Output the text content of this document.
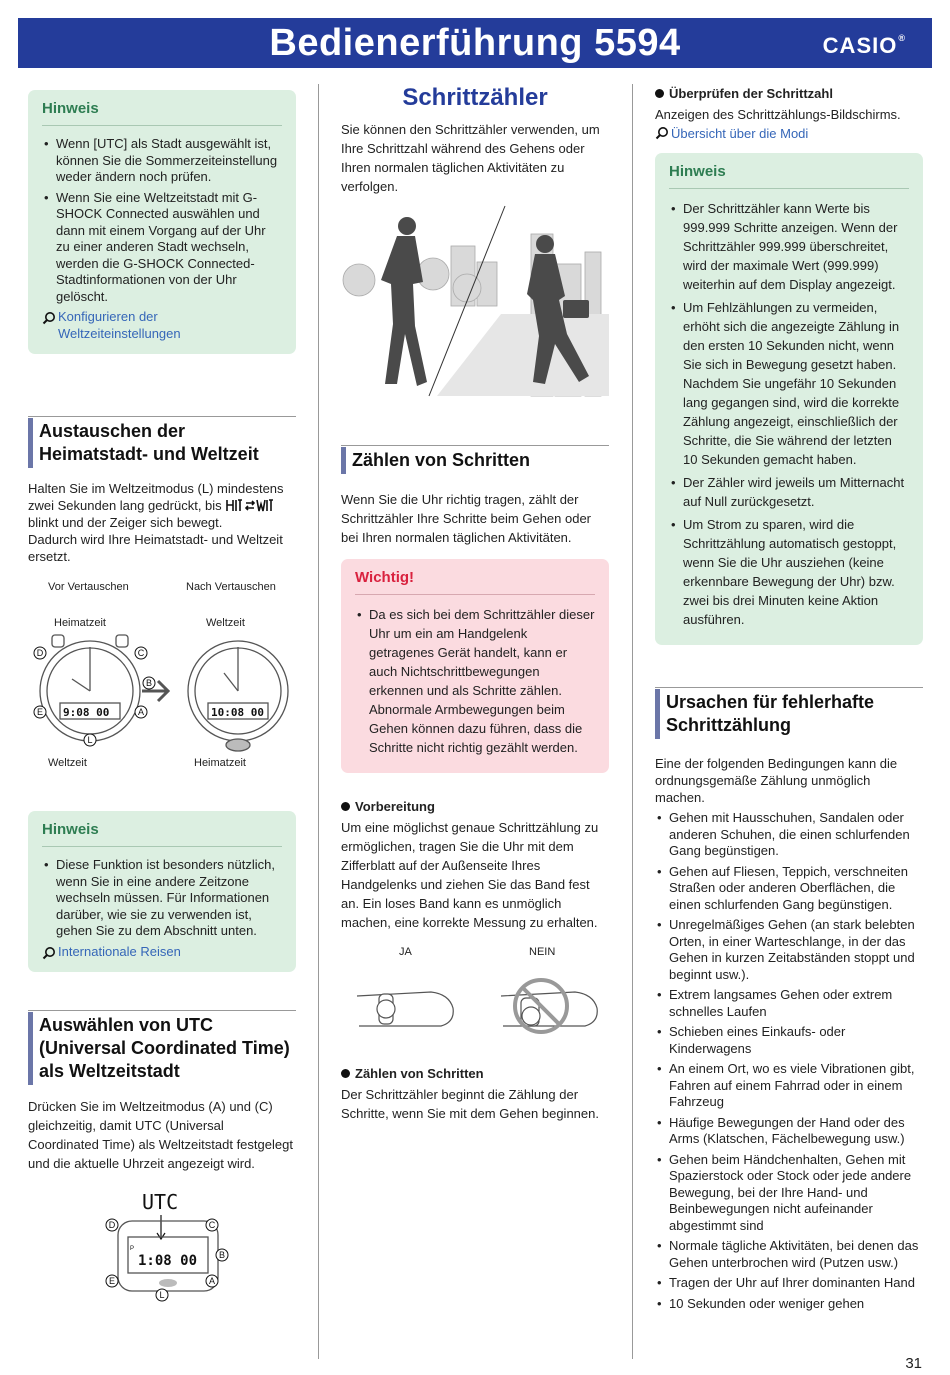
Bedienerführung 5594	CASIO®
Hinweis
• Wenn [UTC] als Stadt ausgewählt ist, können Sie die Sommerzeiteinstellung weder ändern noch prüfen.
• Wenn Sie eine Weltzeitstadt mit G-SHOCK Connected auswählen und dann mit einem Vorgang auf der Uhr zu einer anderen Stadt wechseln, werden die G-SHOCK Connected-Stadtinformationen von der Uhr gelöscht.
Konfigurieren der Weltzeiteinstellungen
Austauschen der Heimatstadt- und Weltzeit

Halten Sie im Weltzeitmodus (L) mindestens zwei Sekunden lang gedrückt, bis  blinkt und der Zeiger sich bewegt.
Dadurch wird Ihre Heimatstadt- und Weltzeit ersetzt.

Vor Vertauschen	Nach Vertauschen
Heimatzeit	Weltzeit
Weltzeit	Heimatzeit
9:08 00	10:08 00
D	C
B
E	A
L
Hinweis
• Diese Funktion ist besonders nützlich, wenn Sie in eine andere Zeitzone wechseln müssen. Für Informationen darüber, wie sie zu verwenden ist, gehen Sie zu dem Abschnitt unten.
Internationale Reisen
Auswählen von UTC (Universal Coordinated Time) als Weltzeitstadt

Drücken Sie im Weltzeitmodus (A) und (C) gleichzeitig, damit UTC (Universal Coordinated Time) als Weltzeitstadt festgelegt und die aktuelle Uhrzeit angezeigt wird.

UTC
P
1:08 00
D	C
B
E	A
L
Schrittzähler

Sie können den Schrittzähler verwenden, um Ihre Schrittzahl während des Gehens oder Ihren normalen täglichen Aktivitäten zu verfolgen.

Zählen von Schritten

Wenn Sie die Uhr richtig tragen, zählt der Schrittzähler Ihre Schritte beim Gehen oder bei Ihren normalen täglichen Aktivitäten.

Wichtig!
• Da es sich bei dem Schrittzähler dieser Uhr um ein am Handgelenk getragenes Gerät handelt, kann er auch Nichtschrittbewegungen erkennen und als Schritte zählen. Abnormale Armbewegungen beim Gehen können dazu führen, dass die Schritte nicht richtig gezählt werden.
Vorbereitung

Um eine möglichst genaue Schrittzählung zu ermöglichen, tragen Sie die Uhr mit dem Zifferblatt auf der Außenseite Ihres Handgelenks und ziehen Sie das Band fest an. Ein loses Band kann es unmöglich machen, eine korrekte Messung zu erhalten.

JA	NEIN
Zählen von Schritten

Der Schrittzähler beginnt die Zählung der Schritte, wenn Sie mit dem Gehen beginnen.

Überprüfen der Schrittzahl

Anzeigen des Schrittzählungs-Bildschirms.

Übersicht über die Modi
Hinweis
• Der Schrittzähler kann Werte bis 999.999 Schritte anzeigen. Wenn der Schrittzähler 999.999 überschreitet, wird der maximale Wert (999.999) weiterhin auf dem Display angezeigt.
• Um Fehlzählungen zu vermeiden, erhöht sich die angezeigte Zählung in den ersten 10 Sekunden nicht, wenn Sie sich in Bewegung gesetzt haben. Nachdem Sie ungefähr 10 Sekunden lang gegangen sind, wird die korrekte Zählung angezeigt, einschließlich der Schritte, die Sie während der letzten 10 Sekunden gemacht haben.
• Der Zähler wird jeweils um Mitternacht auf Null zurückgesetzt.
• Um Strom zu sparen, wird die Schrittzählung automatisch gestoppt, wenn Sie die Uhr ausziehen (keine erkennbare Bewegung der Uhr) bzw. zwei bis drei Minuten keine Aktion ausführen.
Ursachen für fehlerhafte Schrittzählung

Eine der folgenden Bedingungen kann die ordnungsgemäße Zählung unmöglich machen.

• Gehen mit Hausschuhen, Sandalen oder anderen Schuhen, die einen schlurfenden Gang begünstigen.
• Gehen auf Fliesen, Teppich, verschneiten Straßen oder anderen Oberflächen, die einen schlurfenden Gang begünstigen.
• Unregelmäßiges Gehen (an stark belebten Orten, in einer Warteschlange, in der das Gehen in kurzen Zeitabständen stoppt und beginnt usw.).
• Extrem langsames Gehen oder extrem schnelles Laufen
• Schieben eines Einkaufs- oder Kinderwagens
• An einem Ort, wo es viele Vibrationen gibt, Fahren auf einem Fahrrad oder in einem Fahrzeug
• Häufige Bewegungen der Hand oder des Arms (Klatschen, Fächelbewegung usw.)
• Gehen beim Händchenhalten, Gehen mit Spazierstock oder Stock oder jede andere Bewegung, bei der Ihre Hand- und Beinbewegungen nicht aufeinander abgestimmt sind
• Normale tägliche Aktivitäten, bei denen das Gehen unterbrochen wird (Putzen usw.)
• Tragen der Uhr auf Ihrer dominanten Hand
• 10 Sekunden oder weniger gehen
31
